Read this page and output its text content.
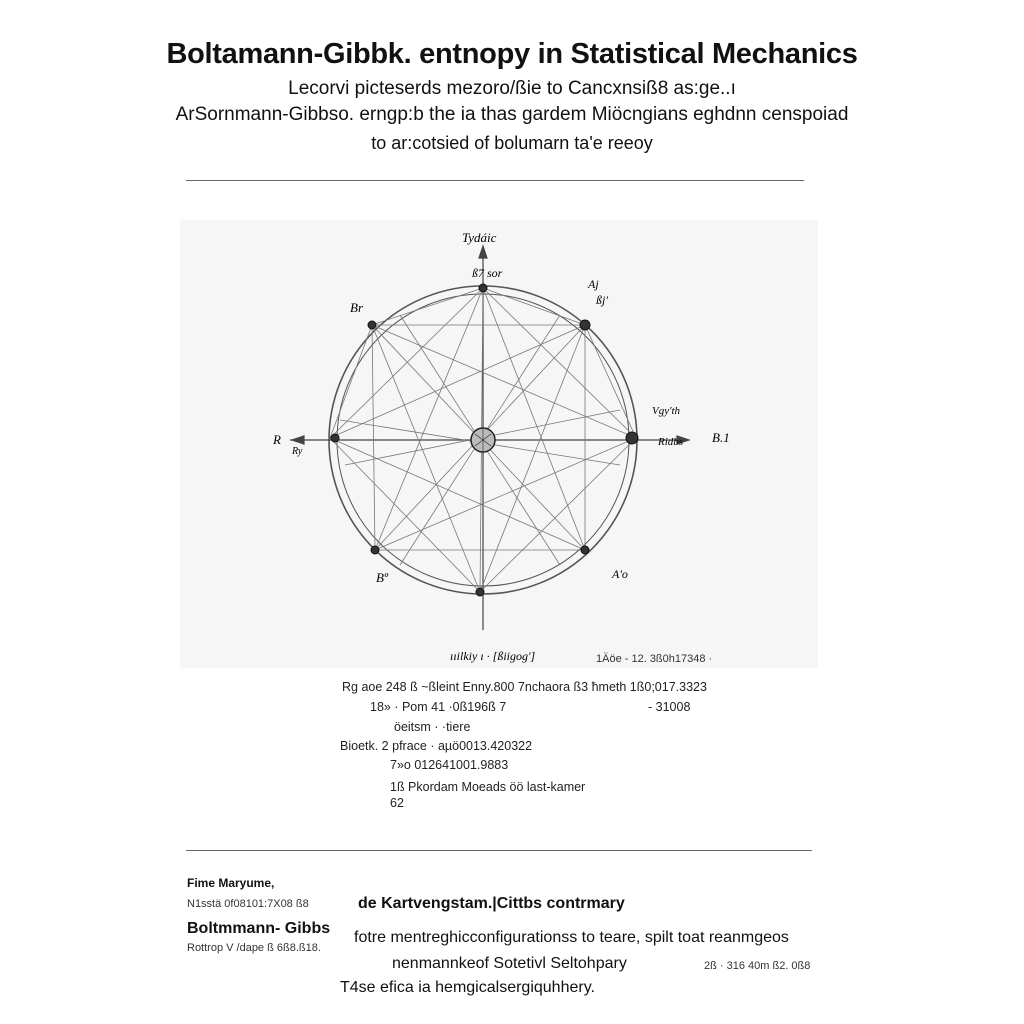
Boltamann-Gibbk. entnopy in Statistical Mechanics
Lecorvi picteserds mezoro/ßie to Cancxnsiß8 as:ge..ı
ArSornmann-Gibbso. erngp:b the ia thas gardem Miöcngians eghdnn censpoiad
to ar:cotsied of bolumarn ta'e reeoy
Tydáic
ß7 sor
Br
Aj
ßj'
R
Ry
Vgy'th
Ridbs B.1
Bº	A'o
ııilkiy ı · [ßiigog']	1Äöe - 12. 3ß0h17348 ·
Rg aoe 248 ß ~ßleint Enny.800 7nchaora ß3 ħmeth 1ß0;017.3323
18» · Pom 41 ·0ß196ß 7	- 31008
öeitsm · ·tiere
Bioetk. 2 pfrace · aµö0013.420322
7»o 012641001.9883
1ß Pkordam Moeads öö last-kamer
62
Fime Maryume,
N1sstä 0f08101:7X08 ß8	de Kartvengstam.|Cittbs contrmary
Boltmmann- Gibbs
Rottrop V /dape ß 6ß8.ß18.
fotre mentreghicconfigurationss to teare, spilt toat reanmgeos
nenmannkeof Sotetivl Seltohpary	2ß · 316 40m ß2. 0ß8
T4se efica ia hemgicalsergiquhhery.
